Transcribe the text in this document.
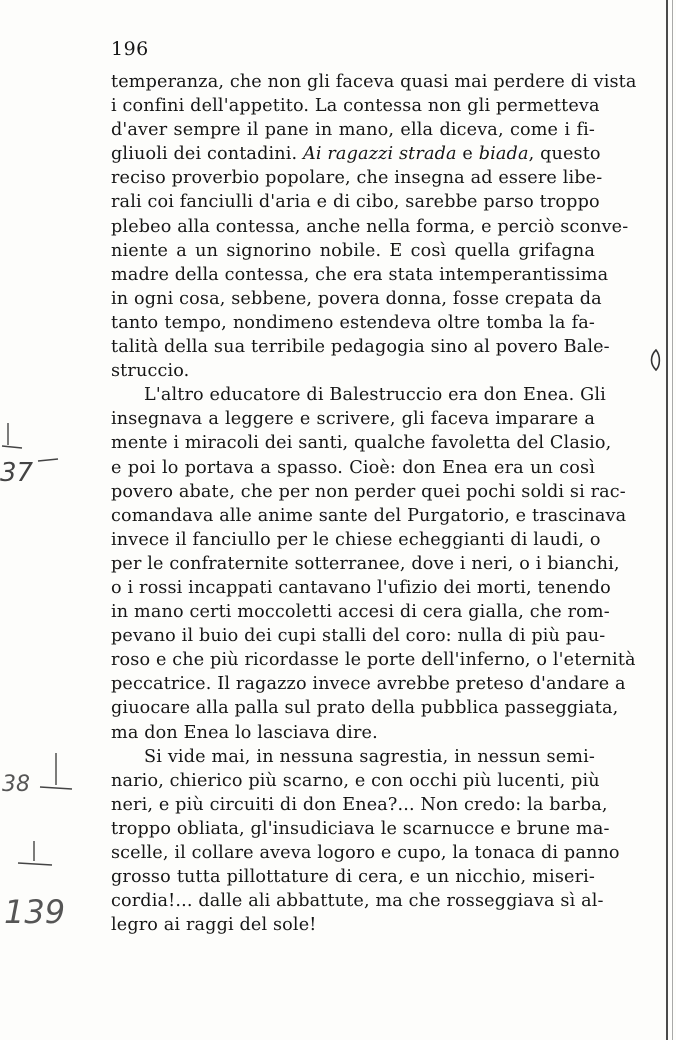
196
temperanza, che non gli faceva quasi mai perdere di vista
i confini dell'appetito. La contessa non gli permetteva
d'aver sempre il pane in mano, ella diceva, come i fi-
gliuoli dei contadini. Ai ragazzi strada e biada, questo
reciso proverbio popolare, che insegna ad essere libe-
rali coi fanciulli d'aria e di cibo, sarebbe parso troppo
plebeo alla contessa, anche nella forma, e perciò sconve-
niente a un signorino nobile. E così quella grifagna
madre della contessa, che era stata intemperantissima
in ogni cosa, sebbene, povera donna, fosse crepata da
tanto tempo, nondimeno estendeva oltre tomba la fa-
talità della sua terribile pedagogia sino al povero Bale-
struccio.
L'altro educatore di Balestruccio era don Enea. Gli
insegnava a leggere e scrivere, gli faceva imparare a
mente i miracoli dei santi, qualche favoletta del Clasio,
e poi lo portava a spasso. Cioè: don Enea era un così
povero abate, che per non perder quei pochi soldi si rac-
comandava alle anime sante del Purgatorio, e trascinava
invece il fanciullo per le chiese echeggianti di laudi, o
per le confraternite sotterranee, dove i neri, o i bianchi,
o i rossi incappati cantavano l'ufizio dei morti, tenendo
in mano certi moccoletti accesi di cera gialla, che rom-
pevano il buio dei cupi stalli del coro: nulla di più pau-
roso e che più ricordasse le porte dell'inferno, o l'eternità
peccatrice. Il ragazzo invece avrebbe preteso d'andare a
giuocare alla palla sul prato della pubblica passeggiata,
ma don Enea lo lasciava dire.
Si vide mai, in nessuna sagrestia, in nessun semi-
nario, chierico più scarno, e con occhi più lucenti, più
neri, e più circuiti di don Enea?... Non credo: la barba,
troppo obliata, gl'insudiciava le scarnucce e brune ma-
scelle, il collare aveva logoro e cupo, la tonaca di panno
grosso tutta pillottature di cera, e un nicchio, miseri-
cordia!... dalle ali abbattute, ma che rosseggiava sì al-
legro ai raggi del sole!
37
38
139
